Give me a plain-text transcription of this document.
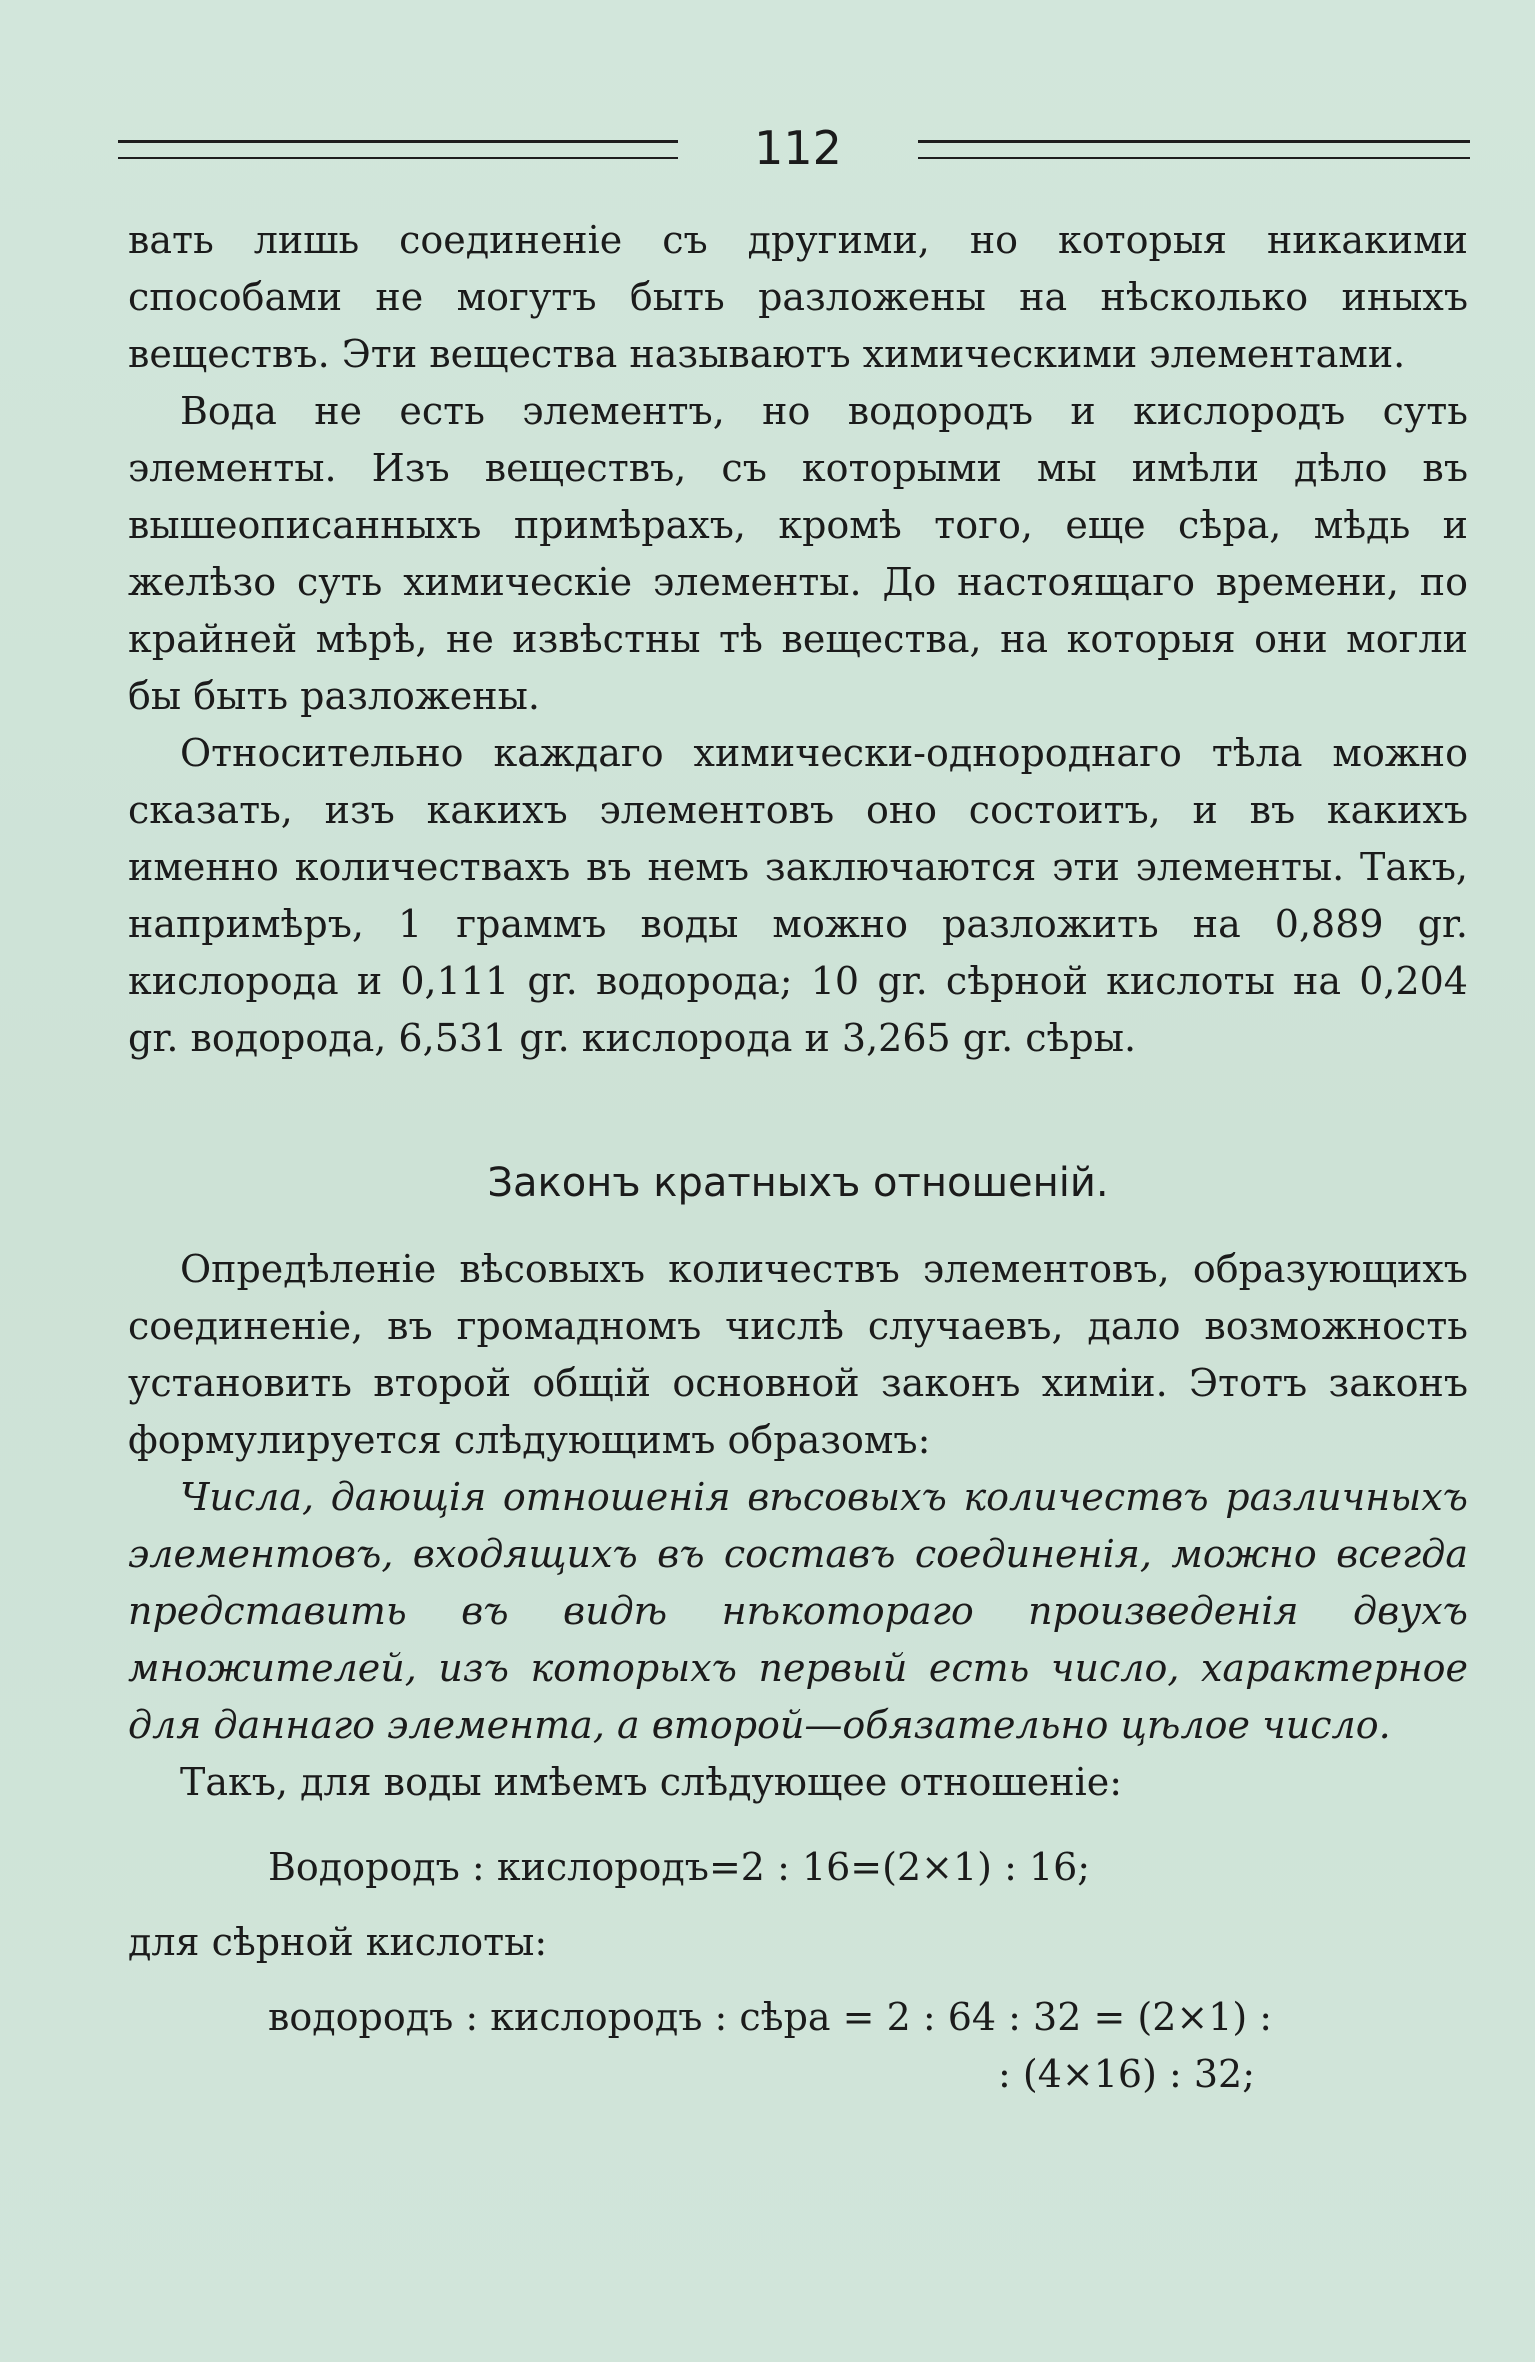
112

вать лишь соединеніе съ другими, но которыя никакими способами не могутъ быть разложены на нѣсколько иныхъ веществъ. Эти вещества называютъ химическими элементами.

Вода не есть элементъ, но водородъ и кислородъ суть элементы. Изъ веществъ, съ которыми мы имѣли дѣло въ вышеописанныхъ примѣрахъ, кромѣ того, еще сѣра, мѣдь и желѣзо суть химическіе элементы. До настоящаго времени, по крайней мѣрѣ, не извѣстны тѣ вещества, на которыя они могли бы быть разложены.

Относительно каждаго химически-однороднаго тѣла можно сказать, изъ какихъ элементовъ оно состоитъ, и въ какихъ именно количествахъ въ немъ заключаются эти элементы. Такъ, напримѣръ, 1 граммъ воды можно разложить на 0,889 gr. кислорода и 0,111 gr. водорода; 10 gr. сѣрной кислоты на 0,204 gr. водорода, 6,531 gr. кислорода и 3,265 gr. сѣры.

Законъ кратныхъ отношеній.

Опредѣленіе вѣсовыхъ количествъ элементовъ, образующихъ соединеніе, въ громадномъ числѣ случаевъ, дало возможность установить второй общій основной законъ химіи. Этотъ законъ формулируется слѣдующимъ образомъ:

Числа, дающія отношенія вѣсовыхъ количествъ различныхъ элементовъ, входящихъ въ составъ соединенія, можно всегда представить въ видѣ нѣкотораго произведенія двухъ множителей, изъ которыхъ первый есть число, характерное для даннаго элемента, а второй—обязательно цѣлое число.

Такъ, для воды имѣемъ слѣдующее отношеніе:

Водородъ : кислородъ=2 : 16=(2×1) : 16;

для сѣрной кислоты:

водородъ : кислородъ : сѣра = 2 : 64 : 32 = (2×1) :
: (4×16) : 32;
